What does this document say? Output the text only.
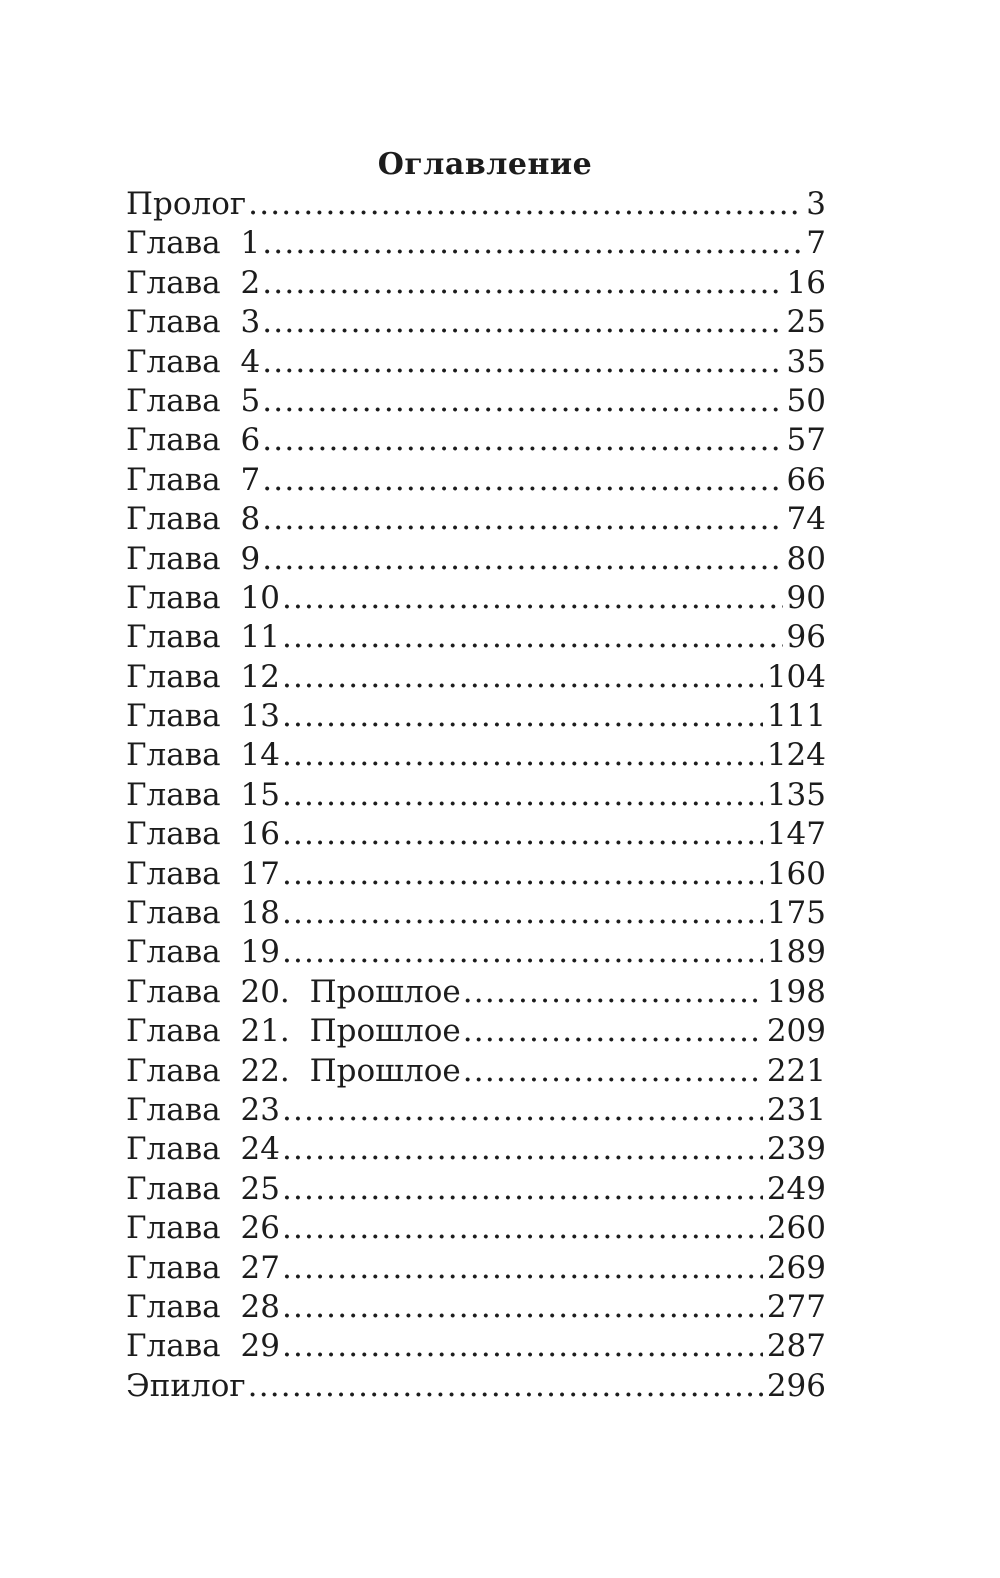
Оглавление
Пролог .....	3
Глава 1 .....	7
Глава 2 .....	16
Глава 3 .....	25
Глава 4 .....	35
Глава 5 .....	50
Глава 6 .....	57
Глава 7 .....	66
Глава 8 .....	74
Глава 9 .....	80
Глава 10 .....	90
Глава 11 .....	96
Глава 12 .....	104
Глава 13 .....	111
Глава 14 .....	124
Глава 15 .....	135
Глава 16 .....	147
Глава 17 .....	160
Глава 18 .....	175
Глава 19 .....	189
Глава 20. Прошлое .....	198
Глава 21. Прошлое .....	209
Глава 22. Прошлое .....	221
Глава 23 .....	231
Глава 24 .....	239
Глава 25 .....	249
Глава 26 .....	260
Глава 27 .....	269
Глава 28 .....	277
Глава 29 .....	287
Эпилог .....	296
